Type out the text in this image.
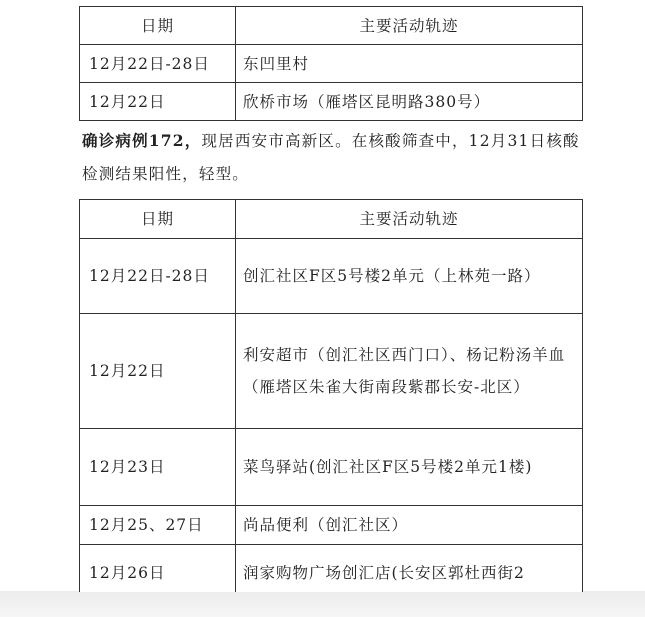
日期	主要活动轨迹
12月22日-28日	东凹里村
12月22日	欣桥市场（雁塔区昆明路380号）
确诊病例172，现居西安市高新区。在核酸筛查中，12月31日核酸检测结果阳性，轻型。
日期	主要活动轨迹
12月22日-28日	创汇社区F区5号楼2单元（上林苑一路）
12月22日	利安超市（创汇社区西门口）、杨记粉汤羊血（雁塔区朱雀大街南段紫郡长安-北区）
12月23日	菜鸟驿站(创汇社区F区5号楼2单元1楼)
12月25、27日	尚品便利（创汇社区）
12月26日	润家购物广场创汇店(长安区郭杜西街2
